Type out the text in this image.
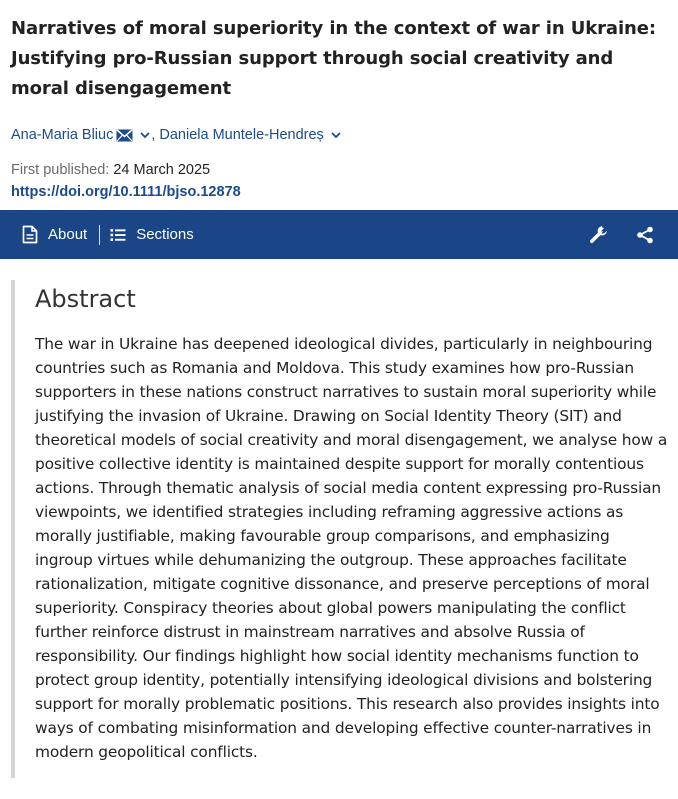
Narratives of moral superiority in the context of war in Ukraine: Justifying pro-Russian support through social creativity and moral disengagement
Ana-Maria Bliuc	, Daniela Muntele-Hendreș
First published: 24 March 2025
https://doi.org/10.1111/bjso.12878
About	Sections
Abstract

The war in Ukraine has deepened ideological divides, particularly in neighbouring countries such as Romania and Moldova. This study examines how pro-Russian supporters in these nations construct narratives to sustain moral superiority while justifying the invasion of Ukraine. Drawing on Social Identity Theory (SIT) and theoretical models of social creativity and moral disengagement, we analyse how a positive collective identity is maintained despite support for morally contentious actions. Through thematic analysis of social media content expressing pro-Russian viewpoints, we identified strategies including reframing aggressive actions as morally justifiable, making favourable group comparisons, and emphasizing ingroup virtues while dehumanizing the outgroup. These approaches facilitate rationalization, mitigate cognitive dissonance, and preserve perceptions of moral superiority. Conspiracy theories about global powers manipulating the conflict further reinforce distrust in mainstream narratives and absolve Russia of responsibility. Our findings highlight how social identity mechanisms function to protect group identity, potentially intensifying ideological divisions and bolstering support for morally problematic positions. This research also provides insights into ways of combating misinformation and developing effective counter-narratives in modern geopolitical conflicts.
